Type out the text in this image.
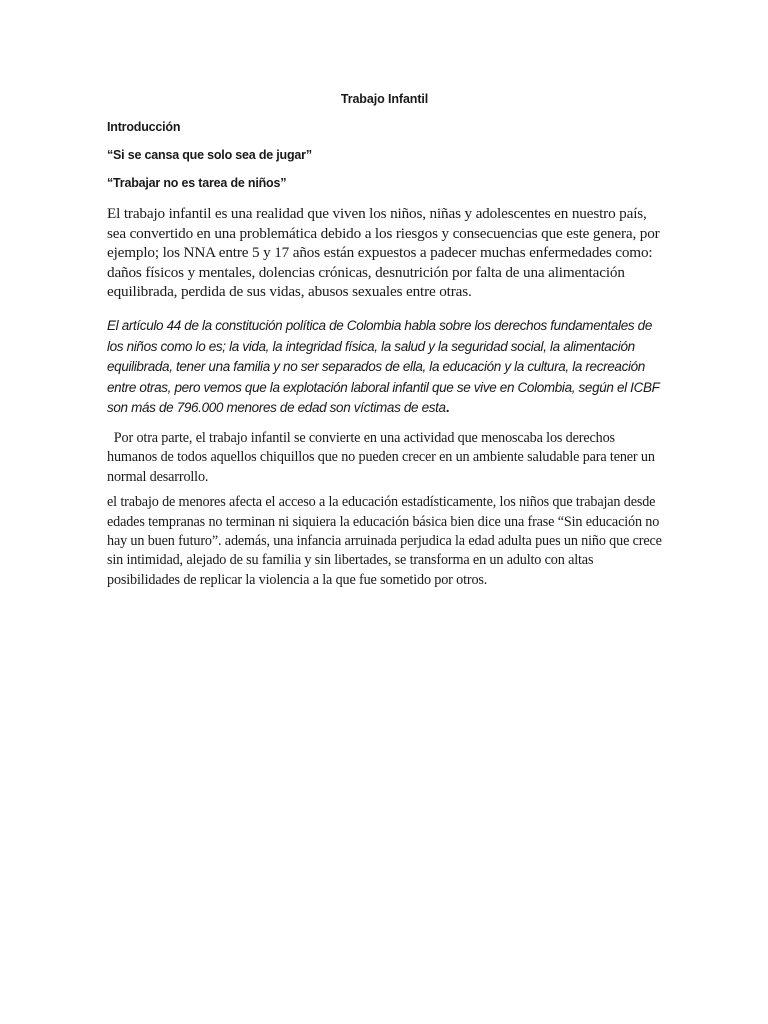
Trabajo Infantil

Introducción

“Si se cansa que solo sea de jugar”

“Trabajar no es tarea de niños”

El trabajo infantil es una realidad que viven los niños, niñas y adolescentes en nuestro país, sea convertido en una problemática debido a los riesgos y consecuencias que este genera, por ejemplo; los NNA entre 5 y 17 años están expuestos a padecer muchas enfermedades como: daños físicos y mentales, dolencias crónicas, desnutrición por falta de una alimentación equilibrada, perdida de sus vidas, abusos sexuales entre otras.

El artículo 44 de la constitución política de Colombia habla sobre los derechos fundamentales de los niños como lo es; la vida, la integridad física, la salud y la seguridad social, la alimentación equilibrada, tener una familia y no ser separados de ella, la educación y la cultura, la recreación entre otras, pero vemos que la explotación laboral infantil que se vive en Colombia, según el ICBF son más de 796.000 menores de edad son víctimas de esta.

Por otra parte, el trabajo infantil se convierte en una actividad que menoscaba los derechos humanos de todos aquellos chiquillos que no pueden crecer en un ambiente saludable para tener un normal desarrollo.

el trabajo de menores afecta el acceso a la educación estadísticamente, los niños que trabajan desde edades tempranas no terminan ni siquiera la educación básica bien dice una frase “Sin educación no hay un buen futuro”. además, una infancia arruinada perjudica la edad adulta pues un niño que crece sin intimidad, alejado de su familia y sin libertades, se transforma en un adulto con altas posibilidades de replicar la violencia a la que fue sometido por otros.
